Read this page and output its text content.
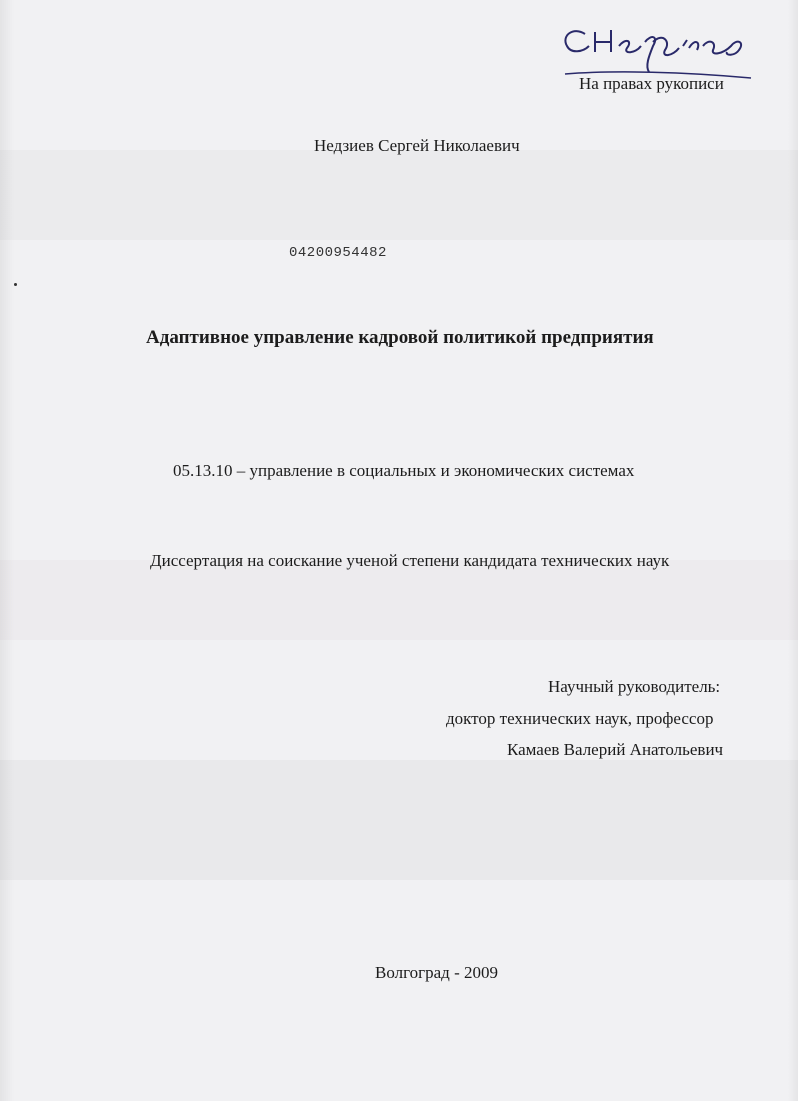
На правах рукописи
Недзиев Сергей Николаевич
04200954482
Адаптивное управление кадровой политикой предприятия
05.13.10 – управление в социальных и экономических системах
Диссертация на соискание ученой степени кандидата технических наук
Научный руководитель:
доктор технических наук, профессор
Камаев Валерий Анатольевич
Волгоград - 2009
